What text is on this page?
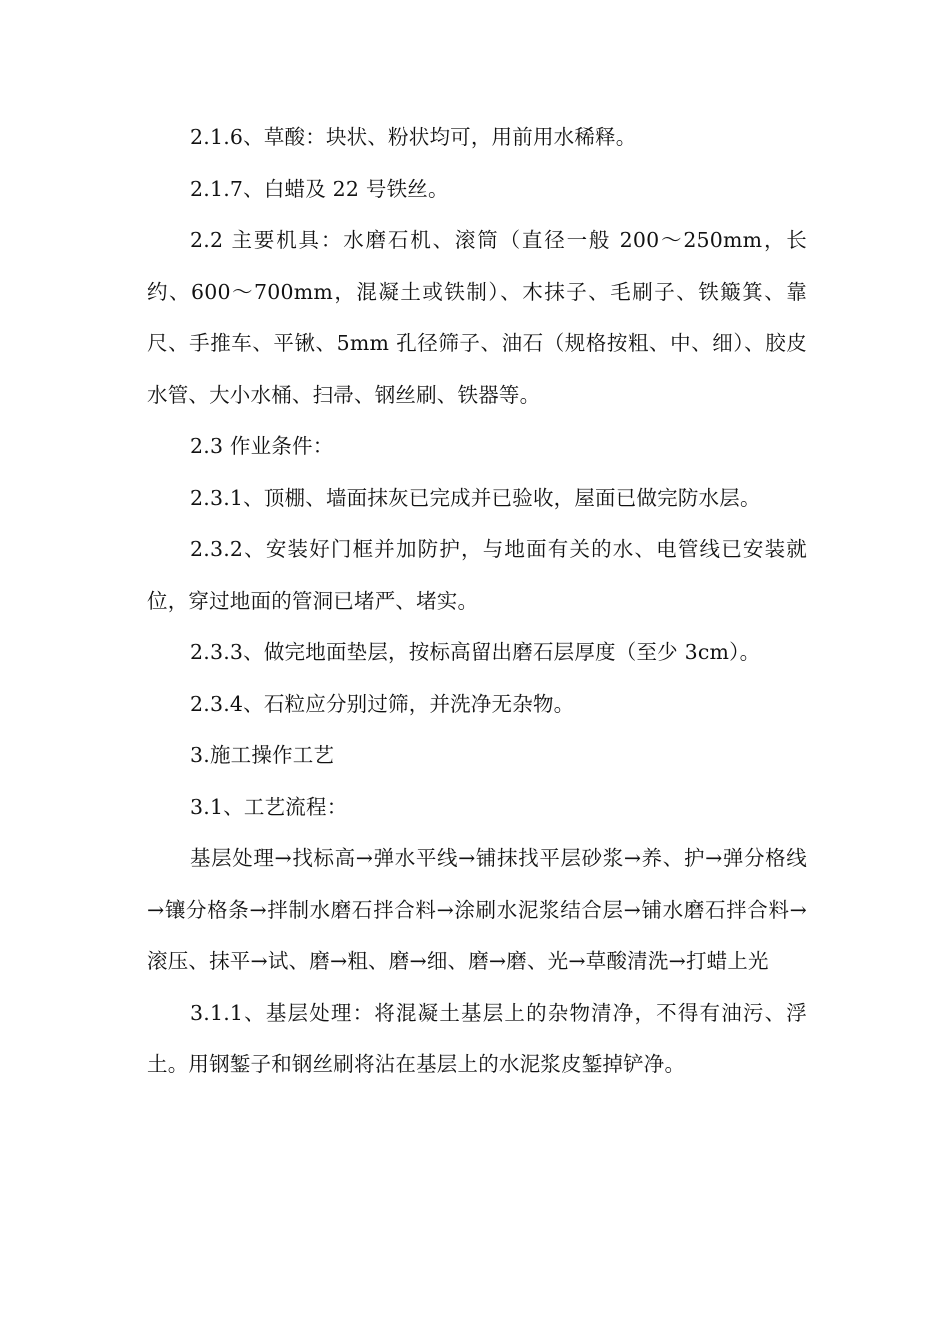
2.1.6、草酸：块状、粉状均可，用前用水稀释。

2.1.7、白蜡及 22 号铁丝。

2.2 主要机具：水磨石机、滚筒（直径一般 200～250mm，长约、600～700mm，混凝土或铁制）、木抹子、毛刷子、铁簸箕、靠尺、手推车、平锹、5mm 孔径筛子、油石（规格按粗、中、细）、胶皮水管、大小水桶、扫帚、钢丝刷、铁器等。

2.3 作业条件：

2.3.1、顶棚、墙面抹灰已完成并已验收，屋面已做完防水层。

2.3.2、安装好门框并加防护，与地面有关的水、电管线已安装就位，穿过地面的管洞已堵严、堵实。

2.3.3、做完地面垫层，按标高留出磨石层厚度（至少 3cm）。

2.3.4、石粒应分别过筛，并洗净无杂物。

3.施工操作工艺

3.1、工艺流程：

基层处理→找标高→弹水平线→铺抹找平层砂浆→养、护→弹分格线→镶分格条→拌制水磨石拌合料→涂刷水泥浆结合层→铺水磨石拌合料→滚压、抹平→试、磨→粗、磨→细、磨→磨、光→草酸清洗→打蜡上光

3.1.1、基层处理：将混凝土基层上的杂物清净，不得有油污、浮土。用钢錾子和钢丝刷将沾在基层上的水泥浆皮錾掉铲净。
